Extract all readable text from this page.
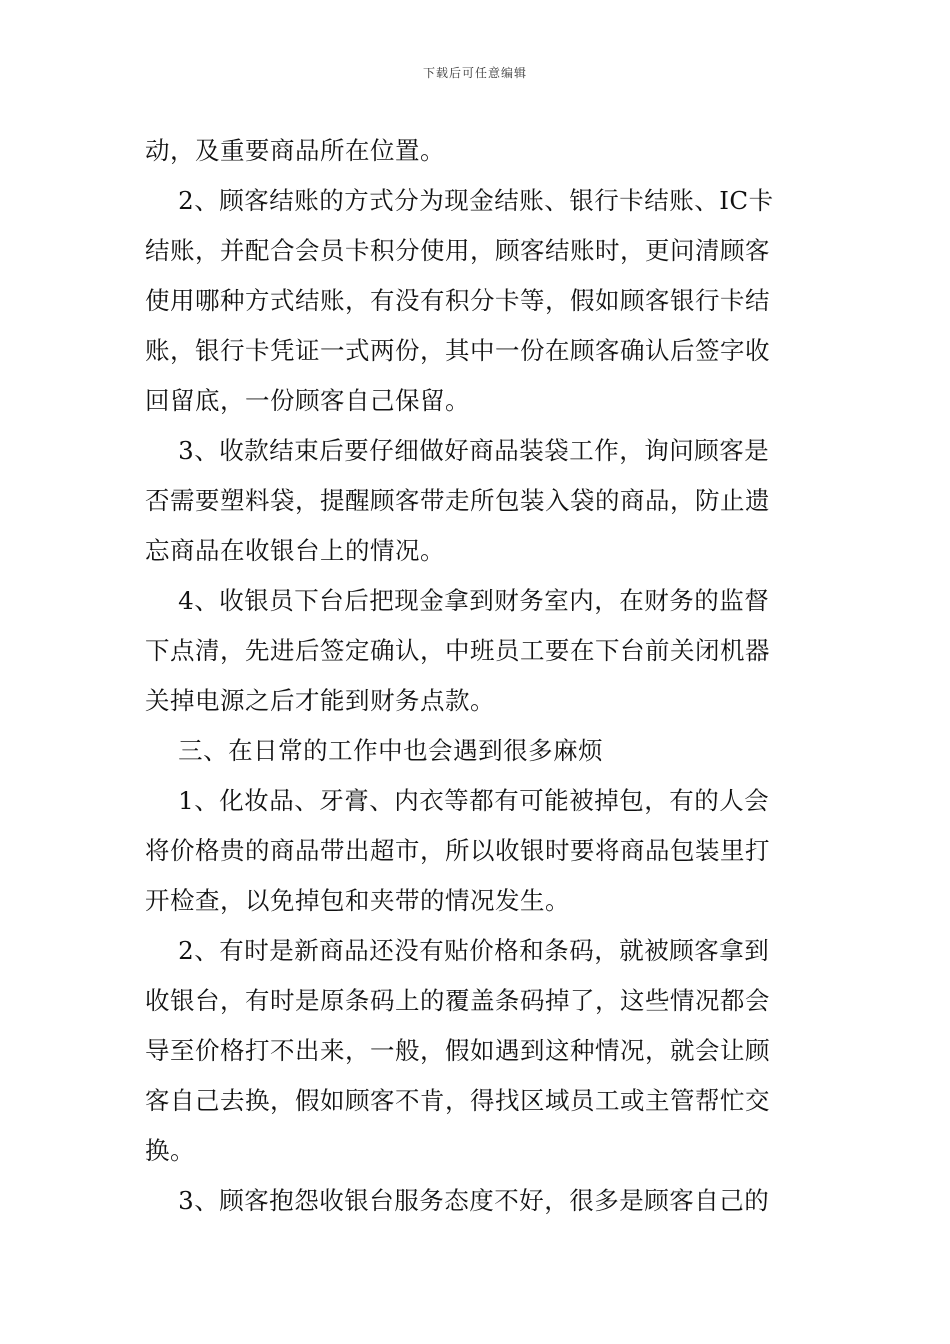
下载后可任意编辑
动，及重要商品所在位置。
2、顾客结账的方式分为现金结账、银行卡结账、IC卡
结账，并配合会员卡积分使用，顾客结账时，更问清顾客
使用哪种方式结账，有没有积分卡等，假如顾客银行卡结
账，银行卡凭证一式两份，其中一份在顾客确认后签字收
回留底，一份顾客自己保留。
3、收款结束后要仔细做好商品装袋工作，询问顾客是
否需要塑料袋，提醒顾客带走所包装入袋的商品，防止遗
忘商品在收银台上的情况。
4、收银员下台后把现金拿到财务室内，在财务的监督
下点清，先进后签定确认，中班员工要在下台前关闭机器
关掉电源之后才能到财务点款。
三、在日常的工作中也会遇到很多麻烦
1、化妆品、牙膏、内衣等都有可能被掉包，有的人会
将价格贵的商品带出超市，所以收银时要将商品包装里打
开检查，以免掉包和夹带的情况发生。
2、有时是新商品还没有贴价格和条码，就被顾客拿到
收银台，有时是原条码上的覆盖条码掉了，这些情况都会
导至价格打不出来，一般，假如遇到这种情况，就会让顾
客自己去换，假如顾客不肯，得找区域员工或主管帮忙交
换。
3、顾客抱怨收银台服务态度不好，很多是顾客自己的
